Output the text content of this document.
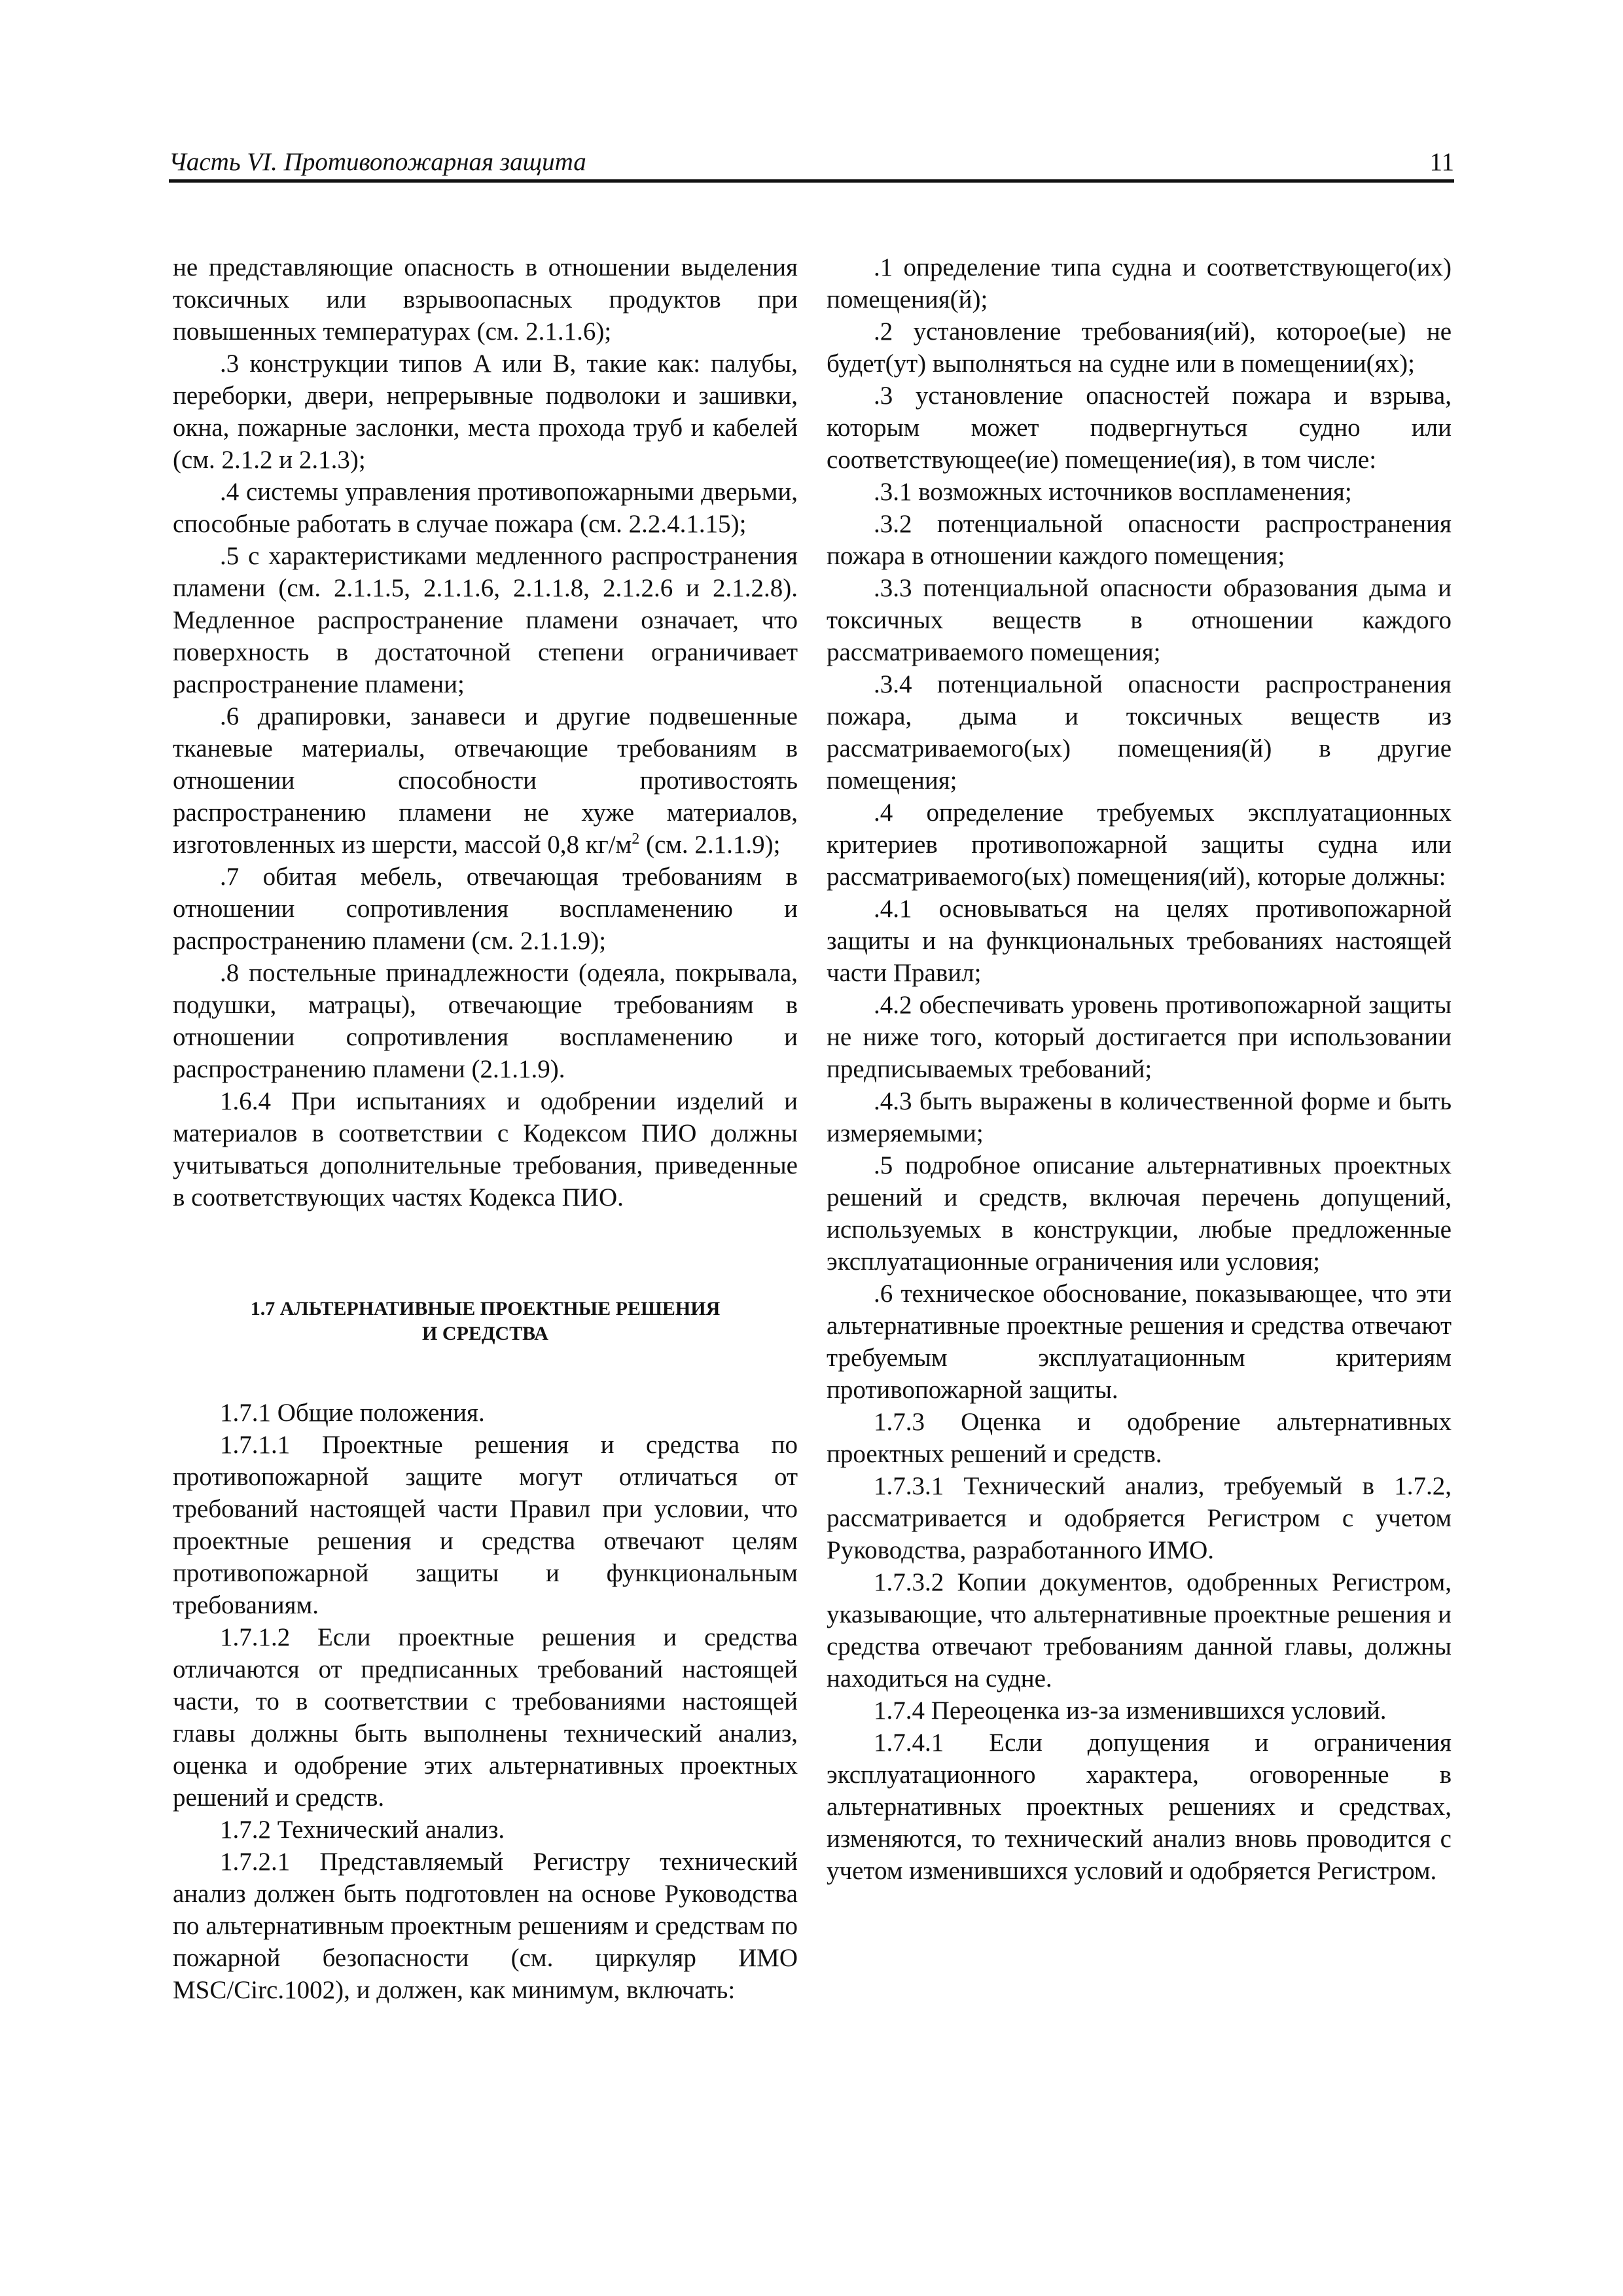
Часть VI. Противопожарная защита	11

не представляющие опасность в отношении выделения токсичных или взрывоопасных продуктов при повышенных температурах (см. 2.1.1.6);

.3 конструкции типов А или В, такие как: палубы, переборки, двери, непрерывные подволоки и зашивки, окна, пожарные заслонки, места прохода труб и кабелей (см. 2.1.2 и 2.1.3);

.4 системы управления противопожарными дверьми, способные работать в случае пожара (см. 2.2.4.1.15);

.5 с характеристиками медленного распространения пламени (см. 2.1.1.5, 2.1.1.6, 2.1.1.8, 2.1.2.6 и 2.1.2.8). Медленное распространение пламени означает, что поверхность в достаточной степени ограничивает распространение пламени;

.6 драпировки, занавеси и другие подвешенные тканевые материалы, отвечающие требованиям в отношении способности противостоять распространению пламени не хуже материалов, изготовленных из шерсти, массой 0,8 $кг/м^2$ (см. 2.1.1.9);

.7 обитая мебель, отвечающая требованиям в отношении сопротивления воспламенению и распространению пламени (см. 2.1.1.9);

.8 постельные принадлежности (одеяла, покрывала, подушки, матрацы), отвечающие требованиям в отношении сопротивления воспламенению и распространению пламени (2.1.1.9).

1.6.4 При испытаниях и одобрении изделий и материалов в соответствии с Кодексом ПИО должны учитываться дополнительные требования, приведенные в соответствующих частях Кодекса ПИО.

1.7 АЛЬТЕРНАТИВНЫЕ ПРОЕКТНЫЕ РЕШЕНИЯ
И СРЕДСТВА

1.7.1 Общие положения.

1.7.1.1 Проектные решения и средства по противопожарной защите могут отличаться от требований настоящей части Правил при условии, что проектные решения и средства отвечают целям противопожарной защиты и функциональным требованиям.

1.7.1.2 Если проектные решения и средства отличаются от предписанных требований настоящей части, то в соответствии с требованиями настоящей главы должны быть выполнены технический анализ, оценка и одобрение этих альтернативных проектных решений и средств.

1.7.2 Технический анализ.

1.7.2.1 Представляемый Регистру технический анализ должен быть подготовлен на основе Руководства по альтернативным проектным решениям и средствам по пожарной безопасности (см. циркуляр ИМО MSC/Circ.1002), и должен, как минимум, включать:

.1 определение типа судна и соответствующего(их) помещения(й);

.2 установление требования(ий), которое(ые) не будет(ут) выполняться на судне или в помещении(ях);

.3 установление опасностей пожара и взрыва, которым может подвергнуться судно или соответствующее(ие) помещение(ия), в том числе:

.3.1 возможных источников воспламенения;

.3.2 потенциальной опасности распространения пожара в отношении каждого помещения;

.3.3 потенциальной опасности образования дыма и токсичных веществ в отношении каждого рассматриваемого помещения;

.3.4 потенциальной опасности распространения пожара, дыма и токсичных веществ из рассматриваемого(ых) помещения(й) в другие помещения;

.4 определение требуемых эксплуатационных критериев противопожарной защиты судна или рассматриваемого(ых) помещения(ий), которые должны:

.4.1 основываться на целях противопожарной защиты и на функциональных требованиях настоящей части Правил;

.4.2 обеспечивать уровень противопожарной защиты не ниже того, который достигается при использовании предписываемых требований;

.4.3 быть выражены в количественной форме и быть измеряемыми;

.5 подробное описание альтернативных проектных решений и средств, включая перечень допущений, используемых в конструкции, любые предложенные эксплуатационные ограничения или условия;

.6 техническое обоснование, показывающее, что эти альтернативные проектные решения и средства отвечают требуемым эксплуатационным критериям противопожарной защиты.

1.7.3 Оценка и одобрение альтернативных проектных решений и средств.

1.7.3.1 Технический анализ, требуемый в 1.7.2, рассматривается и одобряется Регистром с учетом Руководства, разработанного ИМО.

1.7.3.2 Копии документов, одобренных Регистром, указывающие, что альтернативные проектные решения и средства отвечают требованиям данной главы, должны находиться на судне.

1.7.4 Переоценка из-за изменившихся условий.

1.7.4.1 Если допущения и ограничения эксплуатационного характера, оговоренные в альтернативных проектных решениях и средствах, изменяются, то технический анализ вновь проводится с учетом изменившихся условий и одобряется Регистром.
